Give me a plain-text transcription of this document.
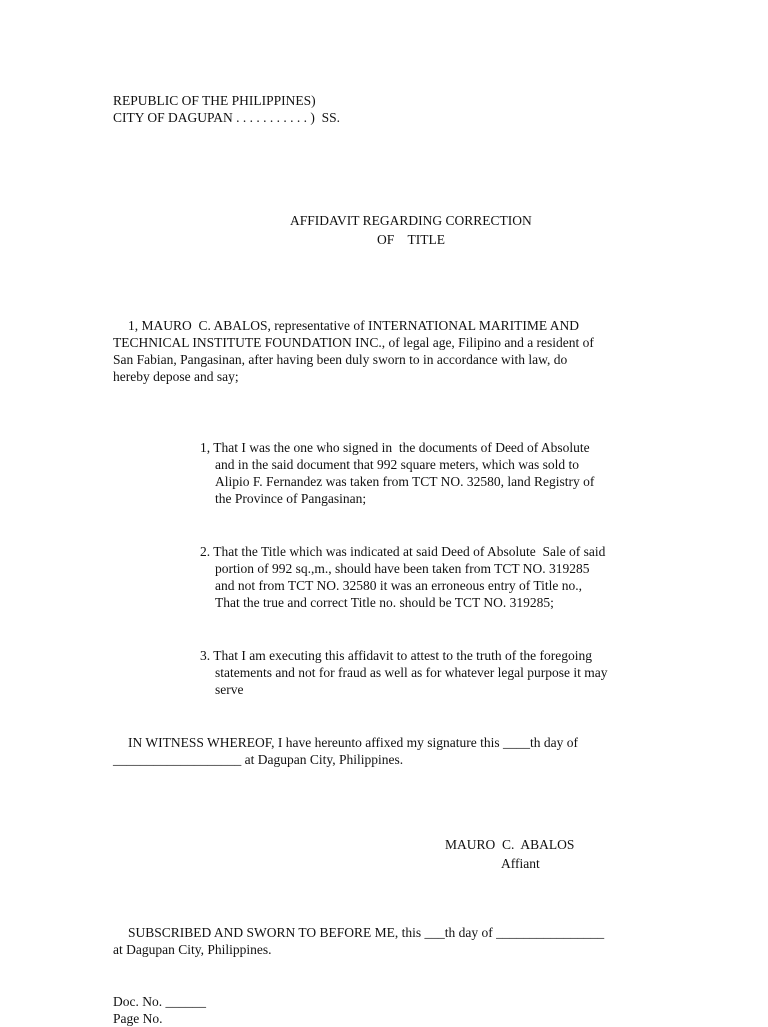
REPUBLIC OF THE PHILIPPINES)
CITY OF DAGUPAN . . . . . . . . . . . )  SS.
AFFIDAVIT REGARDING CORRECTION
OF    TITLE
1, MAURO  C. ABALOS, representative of INTERNATIONAL MARITIME AND
TECHNICAL INSTITUTE FOUNDATION INC., of legal age, Filipino and a resident of
San Fabian, Pangasinan, after having been duly sworn to in accordance with law, do
hereby depose and say;
1, That I was the one who signed in  the documents of Deed of Absolute
and in the said document that 992 square meters, which was sold to
Alipio F. Fernandez was taken from TCT NO. 32580, land Registry of
the Province of Pangasinan;
2. That the Title which was indicated at said Deed of Absolute  Sale of said
portion of 992 sq.,m., should have been taken from TCT NO. 319285
and not from TCT NO. 32580 it was an erroneous entry of Title no.,
That the true and correct Title no. should be TCT NO. 319285;
3. That I am executing this affidavit to attest to the truth of the foregoing
statements and not for fraud as well as for whatever legal purpose it may
serve
IN WITNESS WHEREOF, I have hereunto affixed my signature this ____th day of
___________________ at Dagupan City, Philippines.
MAURO  C.  ABALOS
Affiant
SUBSCRIBED AND SWORN TO BEFORE ME, this ___th day of ________________
at Dagupan City, Philippines.
Doc. No. ______
Page No.
